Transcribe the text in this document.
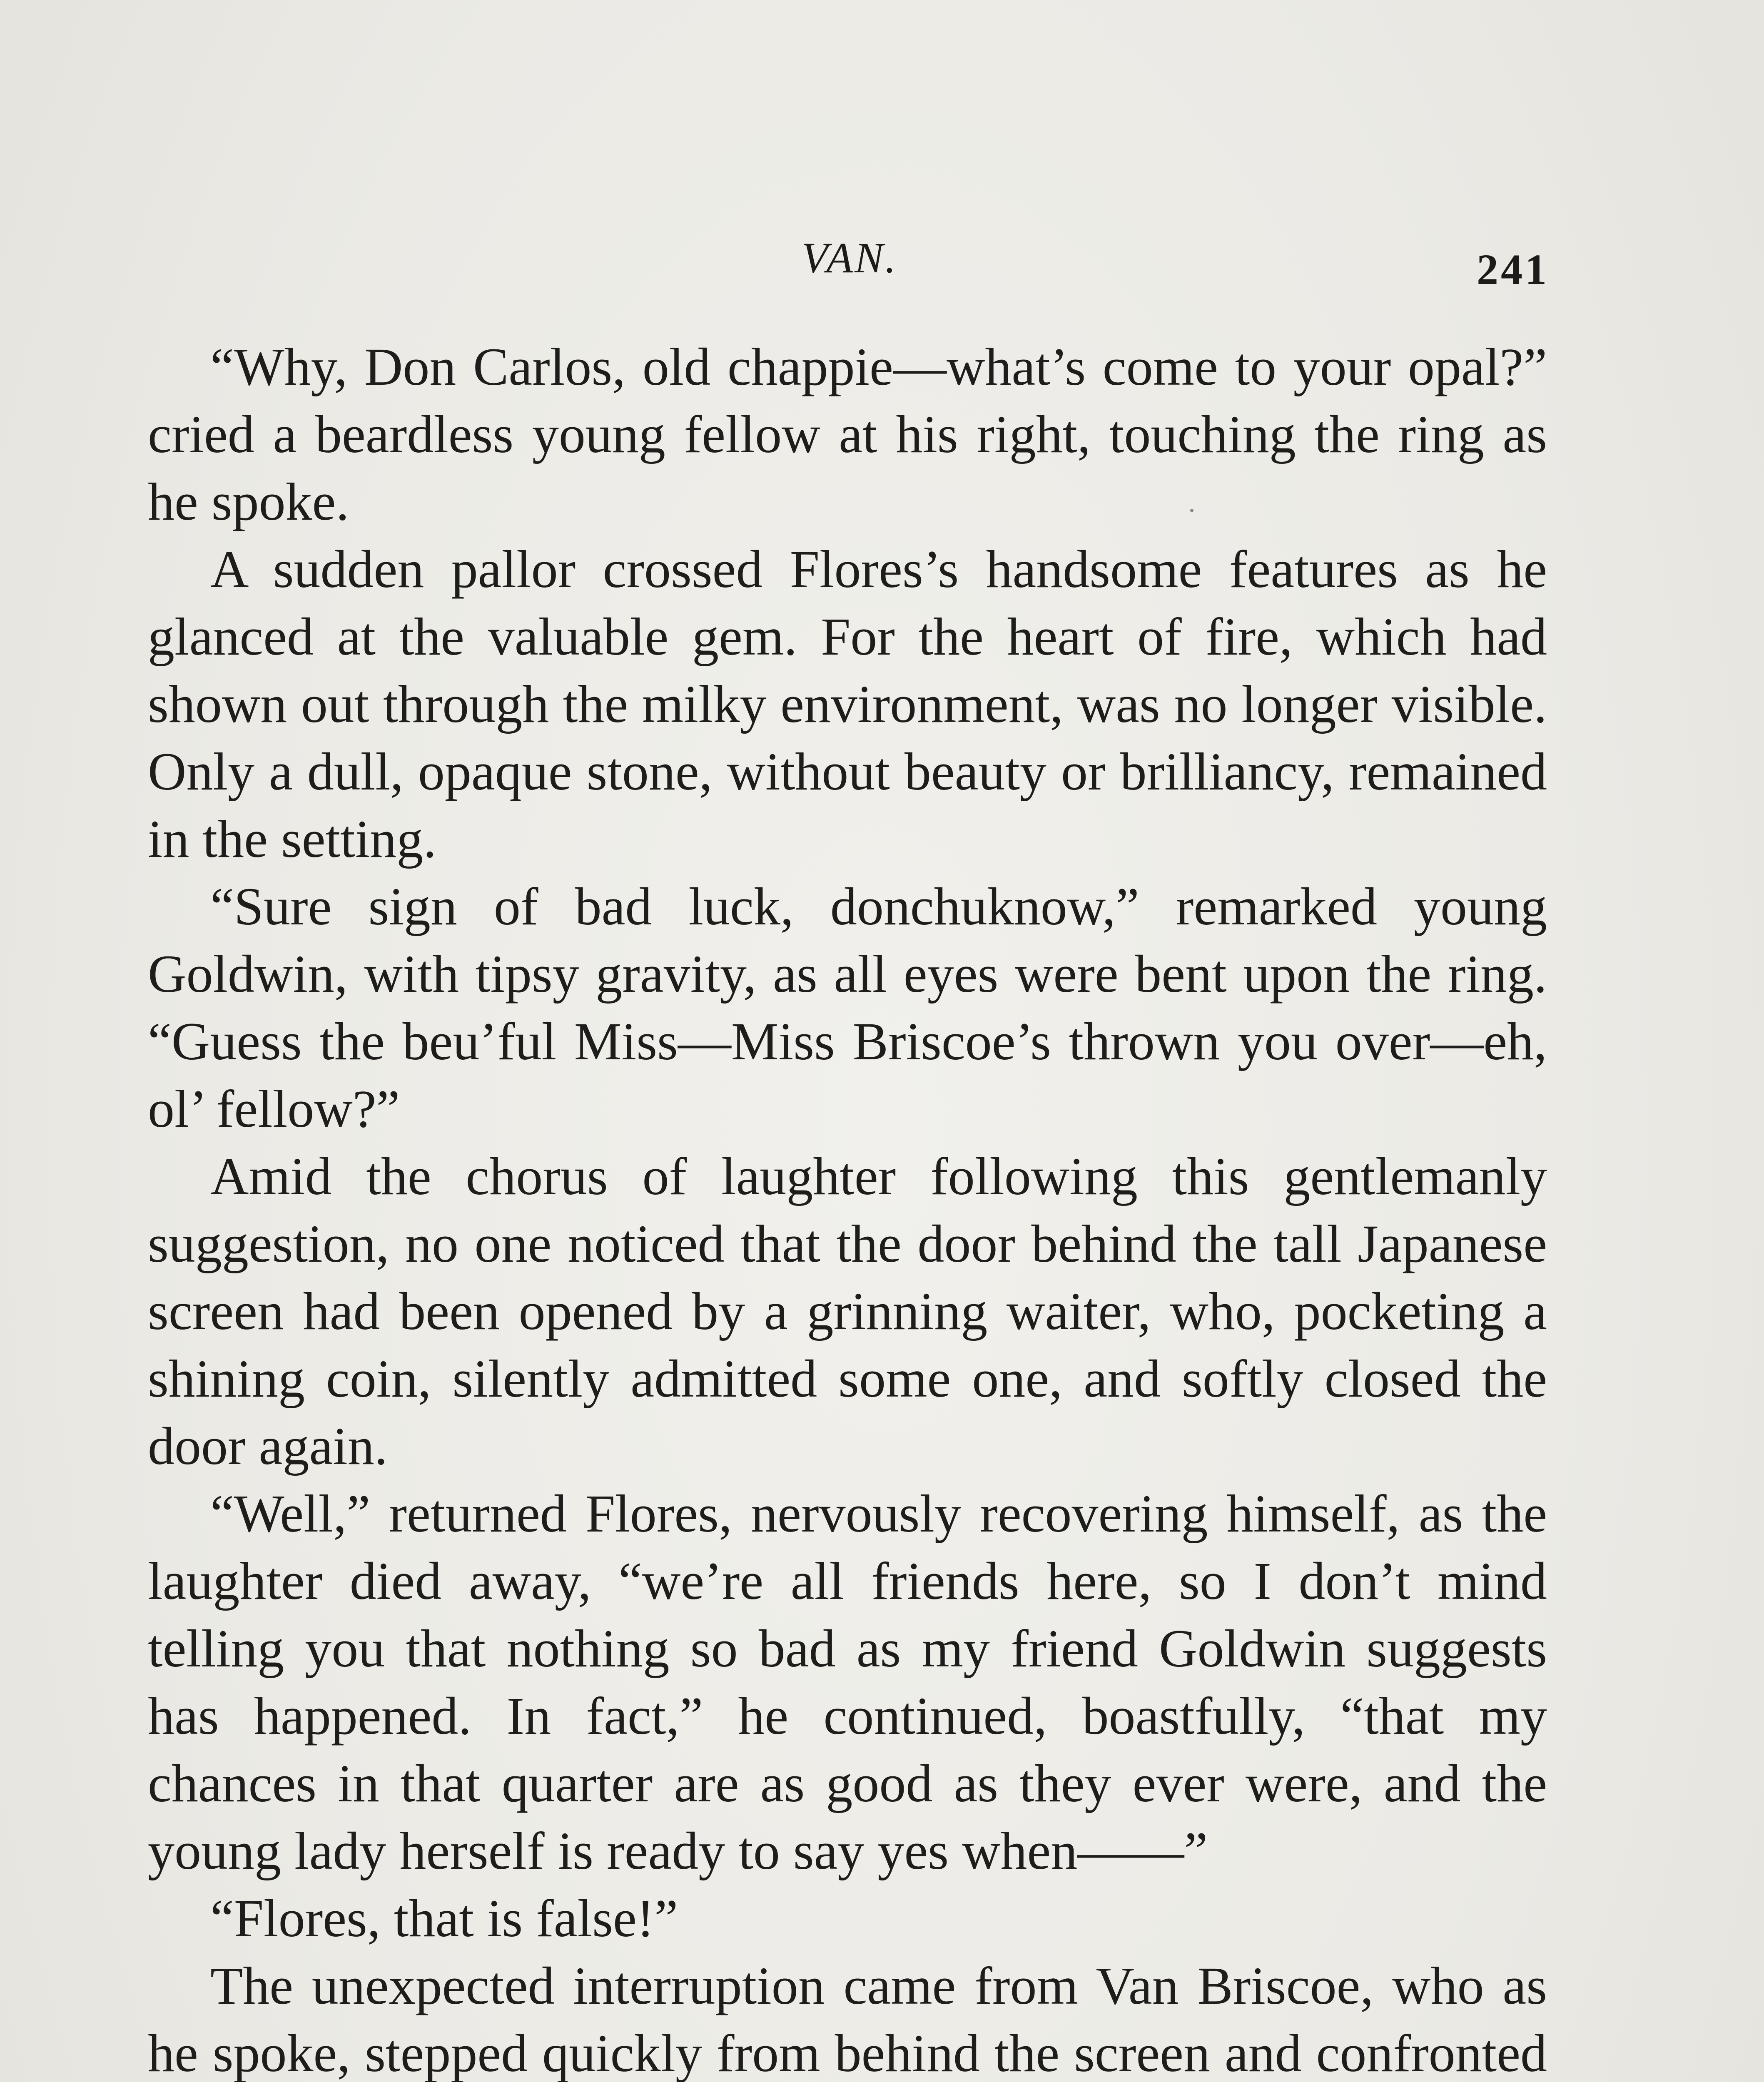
VAN.	241

“Why, Don Carlos, old chappie—what’s come to your opal?” cried a beardless young fellow at his right, touching the ring as he spoke.

A sudden pallor crossed Flores’s handsome features as he glanced at the valuable gem. For the heart of fire, which had shown out through the milky environment, was no longer visible. Only a dull, opaque stone, without beauty or brilliancy, remained in the setting.

“Sure sign of bad luck, donchuknow,” remarked young Goldwin, with tipsy gravity, as all eyes were bent upon the ring. “Guess the beu’ful Miss—Miss Briscoe’s thrown you over—eh, ol’ fellow?”

Amid the chorus of laughter following this gentlemanly suggestion, no one noticed that the door behind the tall Japanese screen had been opened by a grinning waiter, who, pocketing a shining coin, silently admitted some one, and softly closed the door again.

“Well,” returned Flores, nervously recovering himself, as the laughter died away, “we’re all friends here, so I don’t mind telling you that nothing so bad as my friend Goldwin suggests has happened. In fact,” he continued, boastfully, “that my chances in that quarter are as good as they ever were, and the young lady herself is ready to say yes when——”

“Flores, that is false!”

The unexpected interruption came from Van Briscoe, who as he spoke, stepped quickly from behind the screen and confronted
